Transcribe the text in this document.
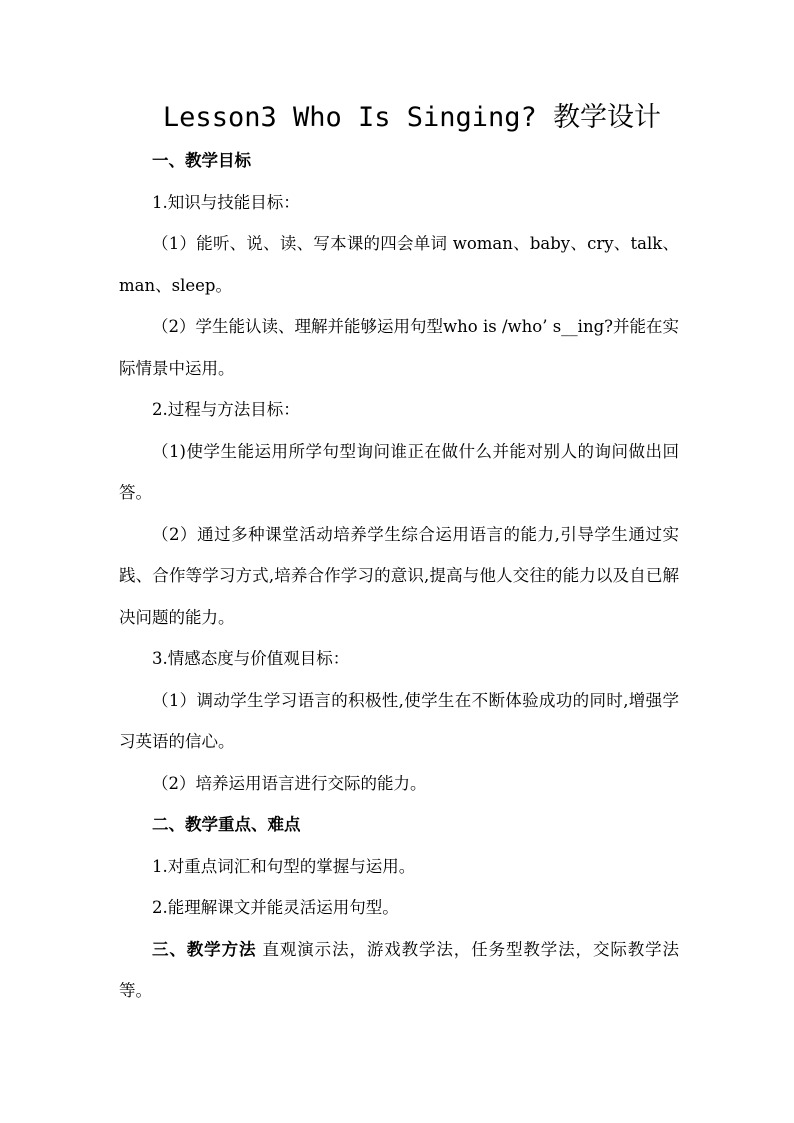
Lesson3 Who Is Singing? 教学设计

一、教学目标

1.知识与技能目标：

（1）能听、说、读、写本课的四会单词 woman、baby、cry、talk、man、sleep。

（2）学生能认读、理解并能够运用句型who is /who’ s__ing?并能在实际情景中运用。

2.过程与方法目标：

（1)使学生能运用所学句型询问谁正在做什么并能对别人的询问做出回答。

（2）通过多种课堂活动培养学生综合运用语言的能力,引导学生通过实践、合作等学习方式,培养合作学习的意识,提高与他人交往的能力以及自已解决问题的能力。

3.情感态度与价值观目标：

（1）调动学生学习语言的积极性,使学生在不断体验成功的同时,增强学习英语的信心。

（2）培养运用语言进行交际的能力。

二、教学重点、难点

1.对重点词汇和句型的掌握与运用。

2.能理解课文并能灵活运用句型。

三、教学方法 直观演示法，游戏教学法，任务型教学法，交际教学法等。
